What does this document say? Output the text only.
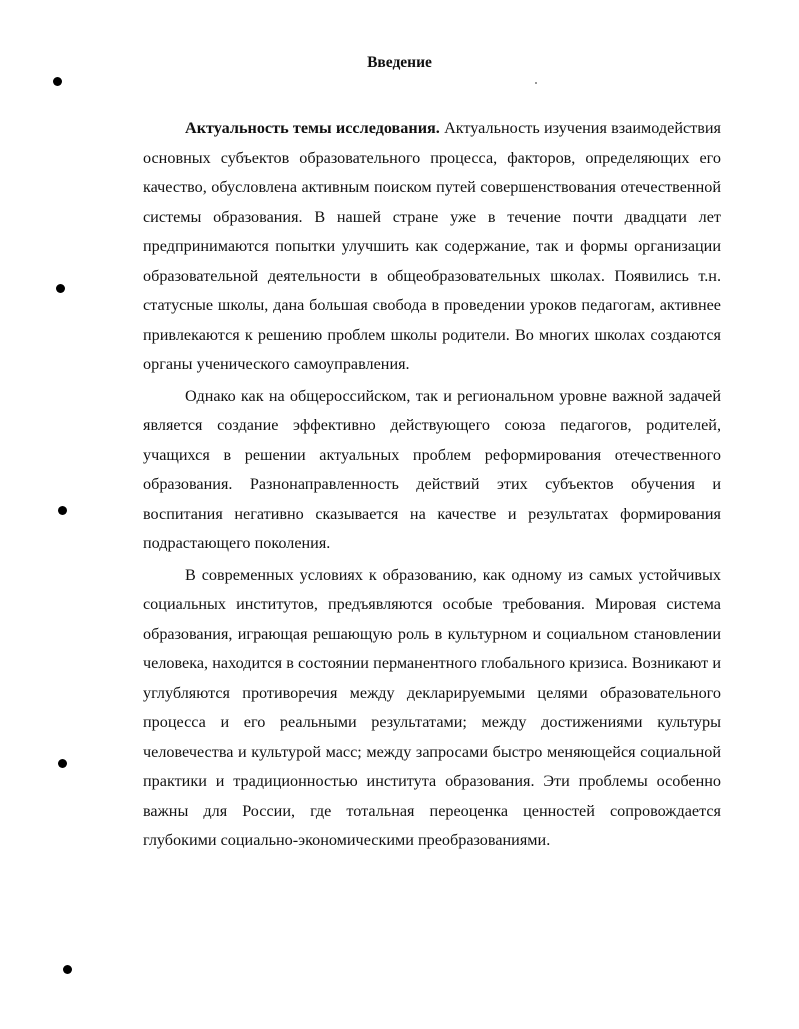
Введение

Актуальность темы исследования. Актуальность изучения взаимодействия основных субъектов образовательного процесса, факторов, определяющих его качество, обусловлена активным поиском путей совершенствования отечественной системы образования. В нашей стране уже в течение почти двадцати лет предпринимаются попытки улучшить как содержание, так и формы организации образовательной деятельности в общеобразовательных школах. Появились т.н. статусные школы, дана большая свобода в проведении уроков педагогам, активнее привлекаются к решению проблем школы родители. Во многих школах создаются органы ученического самоуправления.

Однако как на общероссийском, так и региональном уровне важной задачей является создание эффективно действующего союза педагогов, родителей, учащихся в решении актуальных проблем реформирования отечественного образования. Разнонаправленность действий этих субъектов обучения и воспитания негативно сказывается на качестве и результатах формирования подрастающего поколения.

В современных условиях к образованию, как одному из самых устойчивых социальных институтов, предъявляются особые требования. Мировая система образования, играющая решающую роль в культурном и социальном становлении человека, находится в состоянии перманентного глобального кризиса. Возникают и углубляются противоречия между декларируемыми целями образовательного процесса и его реальными результатами; между достижениями культуры человечества и культурой масс; между запросами быстро меняющейся социальной практики и традиционностью института образования. Эти проблемы особенно важны для России, где тотальная переоценка ценностей сопровождается глубокими социально-экономическими преобразованиями.
